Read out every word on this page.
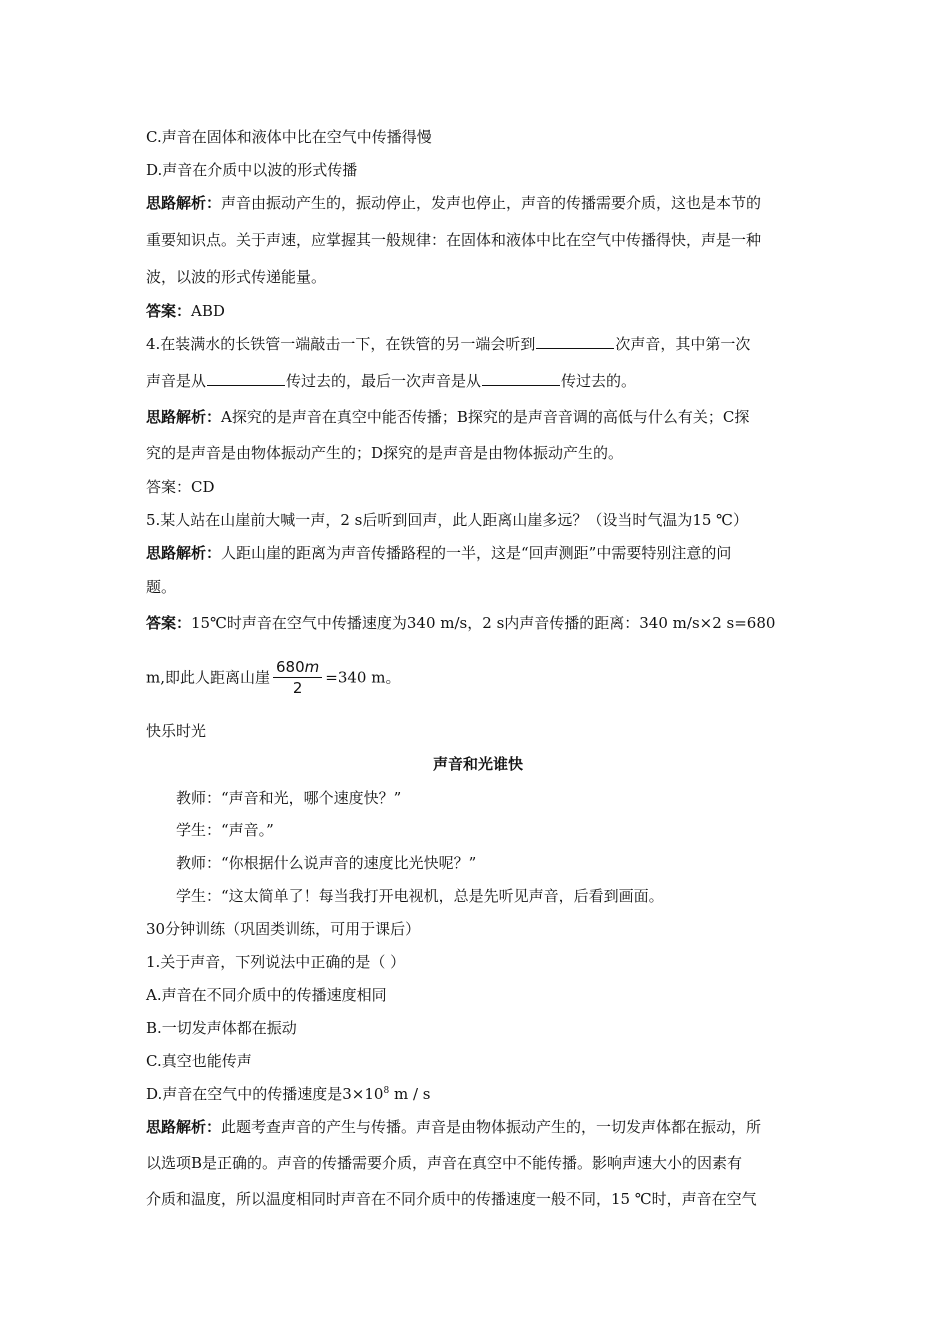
C.声音在固体和液体中比在空气中传播得慢

D.声音在介质中以波的形式传播

思路解析：声音由振动产生的，振动停止，发声也停止，声音的传播需要介质，这也是本节的

重要知识点。关于声速，应掌握其一般规律：在固体和液体中比在空气中传播得快，声是一种

波，以波的形式传递能量。

答案：ABD

4.在装满水的长铁管一端敲击一下，在铁管的另一端会听到	次声音，其中第一次

声音是从	传过去的，最后一次声音是从	传过去的。

思路解析：A探究的是声音在真空中能否传播；B探究的是声音音调的高低与什么有关；C探

究的是声音是由物体振动产生的；D探究的是声音是由物体振动产生的。

答案：CD

5.某人站在山崖前大喊一声，2 s后听到回声，此人距离山崖多远？（设当时气温为15 ℃）

思路解析：人距山崖的距离为声音传播路程的一半，这是“回声测距”中需要特别注意的问

题。

答案：15℃时声音在空气中传播速度为340 m/s，2 s内声音传播的距离：340 m/s×2 s=680

m,即此人距离山崖 $\frac{680m}{2} =340$ m。

快乐时光

声音和光谁快

教师：“声音和光，哪个速度快？”

学生：“声音。”

教师：“你根据什么说声音的速度比光快呢？”

学生：“这太简单了！每当我打开电视机，总是先听见声音，后看到画面。

30分钟训练（巩固类训练，可用于课后）

1.关于声音，下列说法中正确的是（ ）

A.声音在不同介质中的传播速度相同

B.一切发声体都在振动

C.真空也能传声

D.声音在空气中的传播速度是$3\times 10^8$ m / s

思路解析：此题考查声音的产生与传播。声音是由物体振动产生的，一切发声体都在振动，所

以选项B是正确的。声音的传播需要介质，声音在真空中不能传播。影响声速大小的因素有

介质和温度，所以温度相同时声音在不同介质中的传播速度一般不同，15 ℃时，声音在空气
